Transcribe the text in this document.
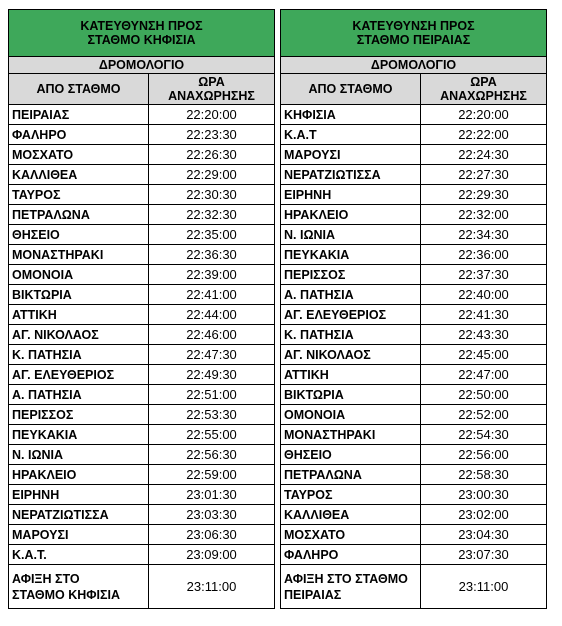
ΚΑΤΕΥΘΥΝΣΗ ΠΡΟΣ
ΣΤΑΘΜΟ ΚΗΦΙΣΙΑ	

ΔΡΟΜΟΛΟΓΙΟ	
ΑΠΟ ΣΤΑΘΜΟ	ΩΡΑ
ΑΝΑΧΩΡΗΣΗΣ

ΠΕΙΡΑΙΑΣ	22:20:00
ΦΑΛΗΡΟ	22:23:30
ΜΟΣΧΑΤΟ	22:26:30
ΚΑΛΛΙΘΕΑ	22:29:00
ΤΑΥΡΟΣ	22:30:30
ΠΕΤΡΑΛΩΝΑ	22:32:30
ΘΗΣΕΙΟ	22:35:00
ΜΟΝΑΣΤΗΡΑΚΙ	22:36:30
ΟΜΟΝΟΙΑ	22:39:00
ΒΙΚΤΩΡΙΑ	22:41:00
ΑΤΤΙΚΗ	22:44:00
ΑΓ. ΝΙΚΟΛΑΟΣ	22:46:00
Κ. ΠΑΤΗΣΙΑ	22:47:30
ΑΓ. ΕΛΕΥΘΕΡΙΟΣ	22:49:30
Α. ΠΑΤΗΣΙΑ	22:51:00
ΠΕΡΙΣΣΟΣ	22:53:30
ΠΕΥΚΑΚΙΑ	22:55:00
Ν. ΙΩΝΙΑ	22:56:30
ΗΡΑΚΛΕΙΟ	22:59:00
ΕΙΡΗΝΗ	23:01:30
ΝΕΡΑΤΖΙΩΤΙΣΣΑ	23:03:30
ΜΑΡΟΥΣΙ	23:06:30
Κ.Α.Τ.	23:09:00

ΑΦΙΞΗ ΣΤΟ
ΣΤΑΘΜΟ ΚΗΦΙΣΙΑ	23:11:00
ΚΑΤΕΥΘΥΝΣΗ ΠΡΟΣ
ΣΤΑΘΜΟ ΠΕΙΡΑΙΑΣ	

ΔΡΟΜΟΛΟΓΙΟ	
ΑΠΟ ΣΤΑΘΜΟ	ΩΡΑ
ΑΝΑΧΩΡΗΣΗΣ

ΚΗΦΙΣΙΑ	22:20:00
Κ.Α.Τ	22:22:00
ΜΑΡΟΥΣΙ	22:24:30
ΝΕΡΑΤΖΙΩΤΙΣΣΑ	22:27:30
ΕΙΡΗΝΗ	22:29:30
ΗΡΑΚΛΕΙΟ	22:32:00
Ν. ΙΩΝΙΑ	22:34:30
ΠΕΥΚΑΚΙΑ	22:36:00
ΠΕΡΙΣΣΟΣ	22:37:30
Α. ΠΑΤΗΣΙΑ	22:40:00
ΑΓ. ΕΛΕΥΘΕΡΙΟΣ	22:41:30
Κ. ΠΑΤΗΣΙΑ	22:43:30
ΑΓ. ΝΙΚΟΛΑΟΣ	22:45:00
ΑΤΤΙΚΗ	22:47:00
ΒΙΚΤΩΡΙΑ	22:50:00
ΟΜΟΝΟΙΑ	22:52:00
ΜΟΝΑΣΤΗΡΑΚΙ	22:54:30
ΘΗΣΕΙΟ	22:56:00
ΠΕΤΡΑΛΩΝΑ	22:58:30
ΤΑΥΡΟΣ	23:00:30
ΚΑΛΛΙΘΕΑ	23:02:00
ΜΟΣΧΑΤΟ	23:04:30
ΦΑΛΗΡΟ	23:07:30

ΑΦΙΞΗ ΣΤΟ ΣΤΑΘΜΟ
ΠΕΙΡΑΙΑΣ	23:11:00
